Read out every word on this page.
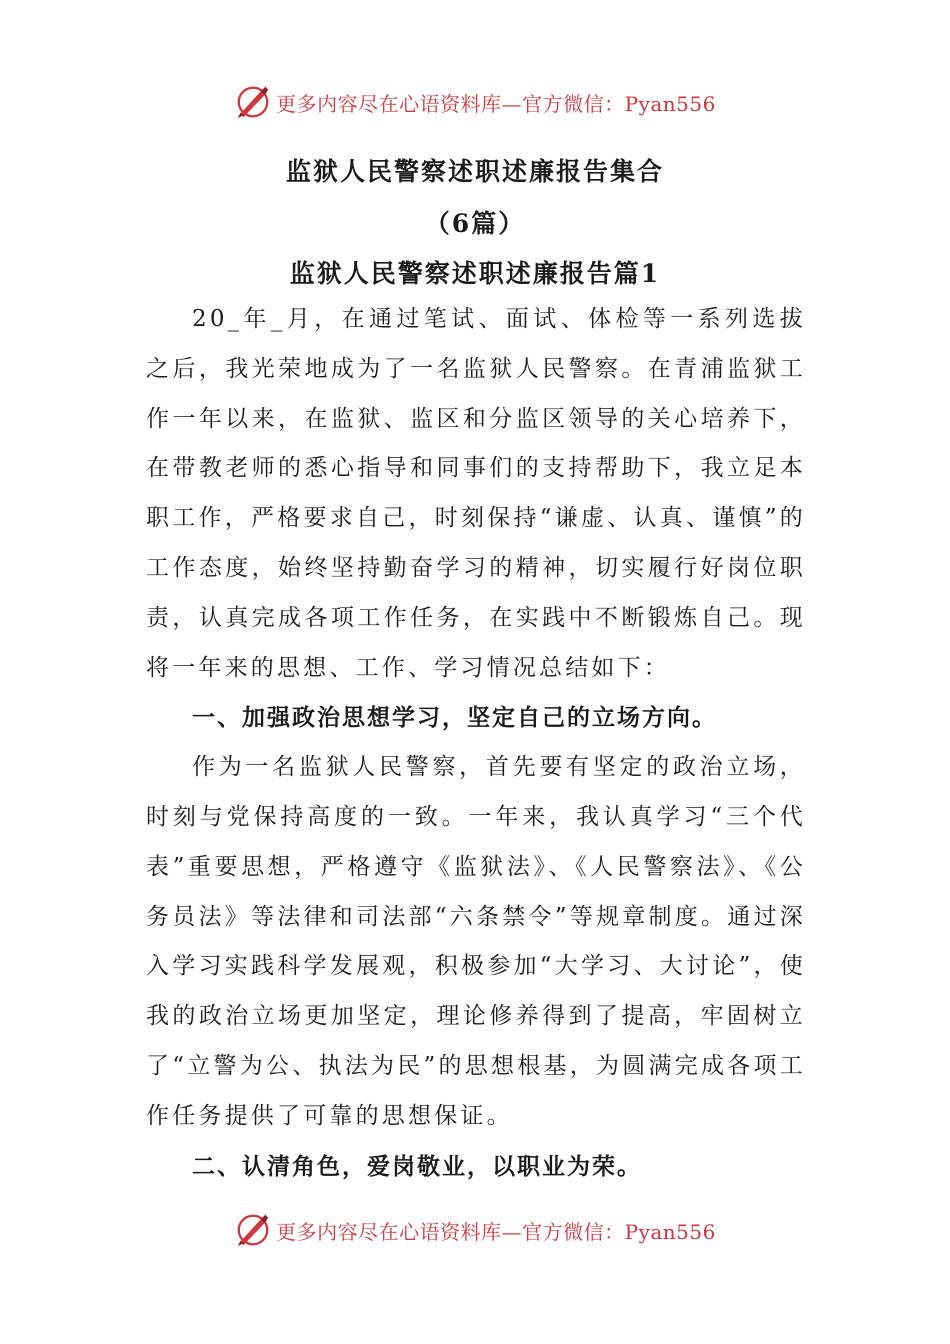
更多内容尽在心语资料库—官方微信：Pyan556
监狱人民警察述职述廉报告集合
（6篇）
监狱人民警察述职述廉报告篇1

20_年_月，在通过笔试、面试、体检等一系列选拔之后，我光荣地成为了一名监狱人民警察。在青浦监狱工作一年以来，在监狱、监区和分监区领导的关心培养下，在带教老师的悉心指导和同事们的支持帮助下，我立足本职工作，严格要求自己，时刻保持“谦虚、认真、谨慎”的工作态度，始终坚持勤奋学习的精神，切实履行好岗位职责，认真完成各项工作任务，在实践中不断锻炼自己。现将一年来的思想、工作、学习情况总结如下：

一、加强政治思想学习，坚定自己的立场方向。

作为一名监狱人民警察，首先要有坚定的政治立场，时刻与党保持高度的一致。一年来，我认真学习“三个代表”重要思想，严格遵守《监狱法》、《人民警察法》、《公务员法》等法律和司法部“六条禁令”等规章制度。通过深入学习实践科学发展观，积极参加“大学习、大讨论”，使我的政治立场更加坚定，理论修养得到了提高，牢固树立了“立警为公、执法为民”的思想根基，为圆满完成各项工作任务提供了可靠的思想保证。

二、认清角色，爱岗敬业，以职业为荣。
更多内容尽在心语资料库—官方微信：Pyan556
